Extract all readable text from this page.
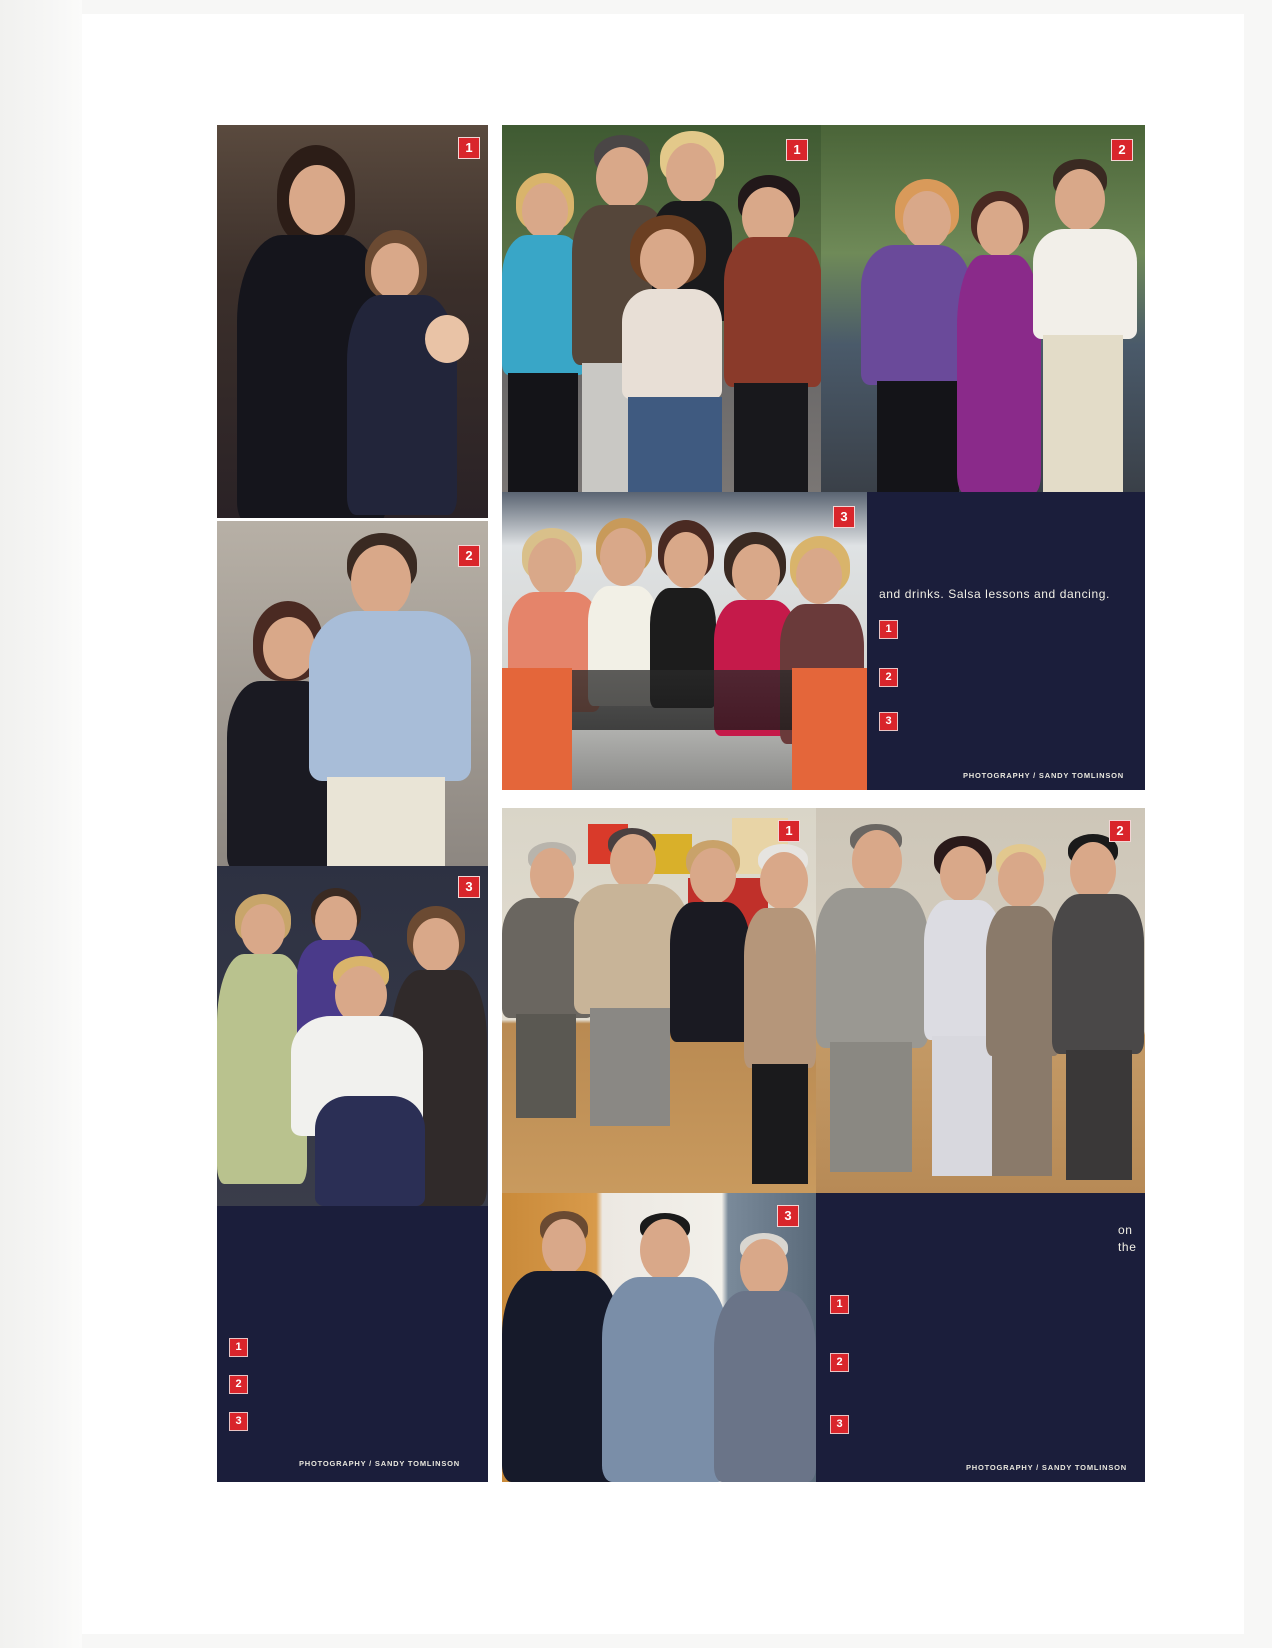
1
2
3

1
2
3
PHOTOGRAPHY / SANDY TOMLINSON
1	2
3

and drinks. Salsa lessons and dancing.

1
2
3
PHOTOGRAPHY / SANDY TOMLINSON
1	2
3

on

the

1
2
3
PHOTOGRAPHY / SANDY TOMLINSON
